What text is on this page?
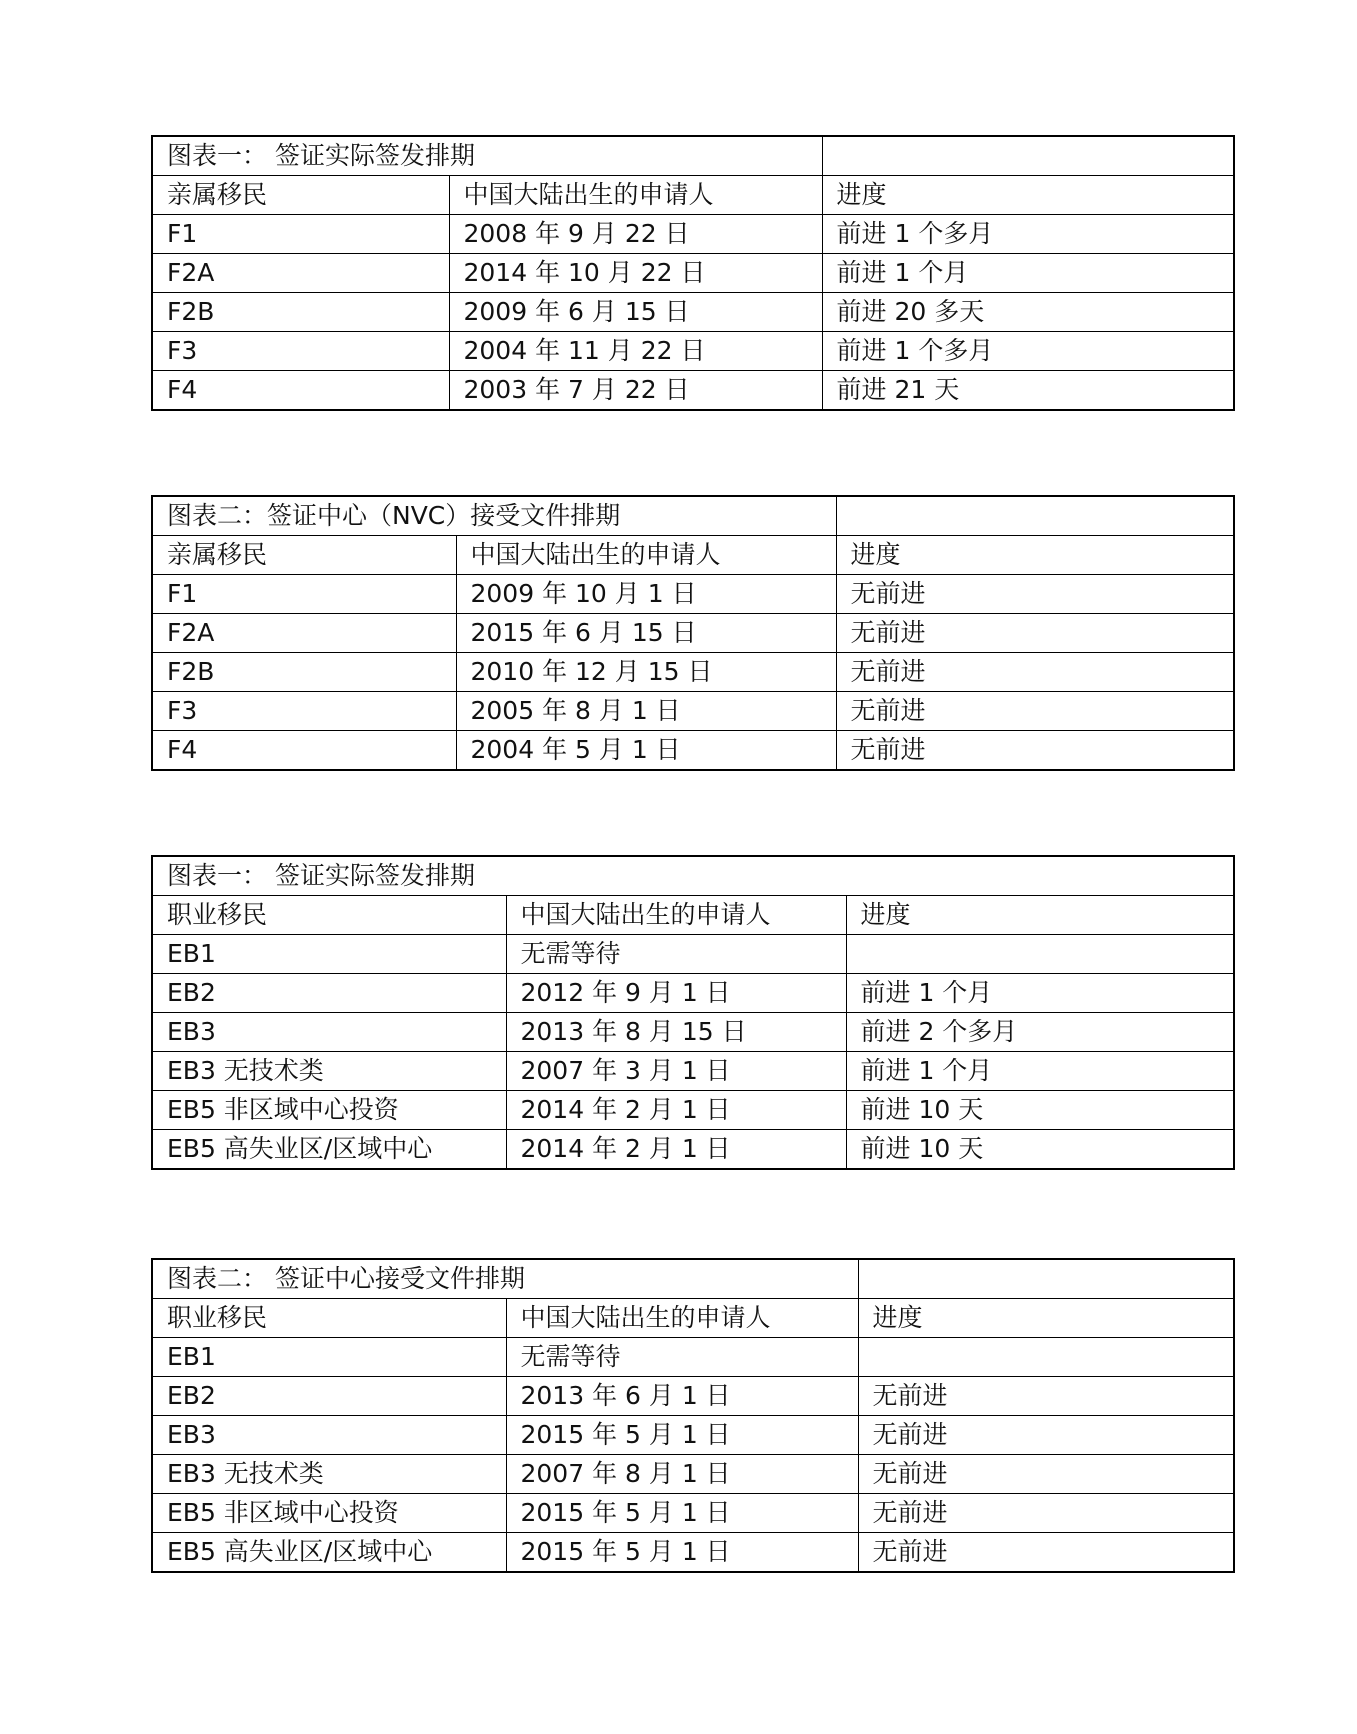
图表一： 签证实际签发排期		
亲属移民	中国大陆出生的申请人	进度
F1	2008 年 9 月 22 日	前进 1 个多月
F2A	2014 年 10 月 22 日	前进 1 个月
F2B	2009 年 6 月 15 日	前进 20 多天
F3	2004 年 11 月 22 日	前进 1 个多月
F4	2003 年 7 月 22 日	前进 21 天
图表二：签证中心（NVC）接受文件排期		
亲属移民	中国大陆出生的申请人	进度
F1	2009 年 10 月 1 日	无前进
F2A	2015 年 6 月 15 日	无前进
F2B	2010 年 12 月 15 日	无前进
F3	2005 年 8 月 1 日	无前进
F4	2004 年 5 月 1 日	无前进
图表一： 签证实际签发排期		
职业移民	中国大陆出生的申请人	进度
EB1	无需等待	
EB2	2012 年 9 月 1 日	前进 1 个月
EB3	2013 年 8 月 15 日	前进 2 个多月
EB3 无技术类	2007 年 3 月 1 日	前进 1 个月
EB5 非区域中心投资	2014 年 2 月 1 日	前进 10 天
EB5 高失业区/区域中心	2014 年 2 月 1 日	前进 10 天
图表二： 签证中心接受文件排期		
职业移民	中国大陆出生的申请人	进度
EB1	无需等待	
EB2	2013 年 6 月 1 日	无前进
EB3	2015 年 5 月 1 日	无前进
EB3 无技术类	2007 年 8 月 1 日	无前进
EB5 非区域中心投资	2015 年 5 月 1 日	无前进
EB5 高失业区/区域中心	2015 年 5 月 1 日	无前进
